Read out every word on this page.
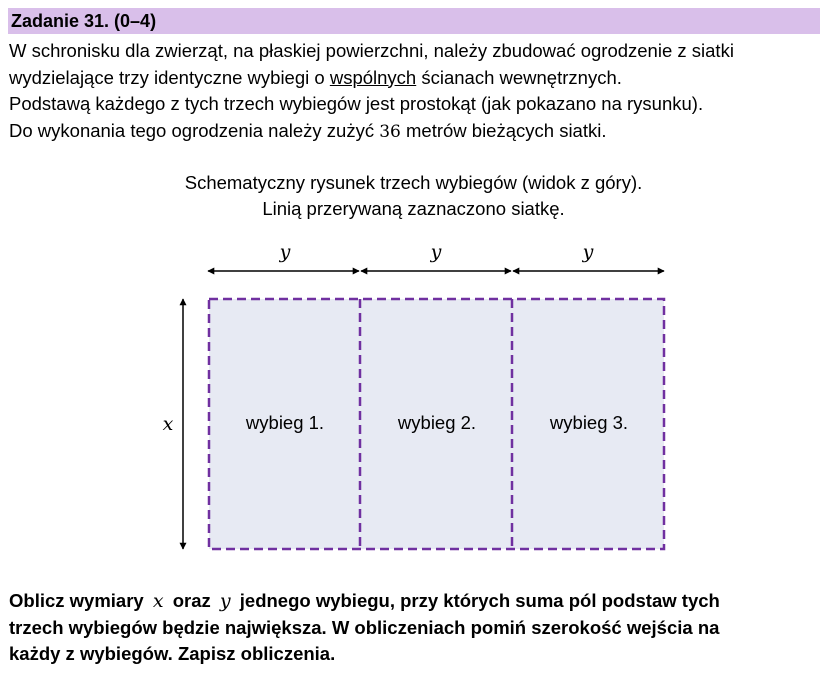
Zadanie 31. (0–4)

W schronisku dla zwierząt, na płaskiej powierzchni, należy zbudować ogrodzenie z siatki

wydzielające trzy identyczne wybiegi o wspólnych ścianach wewnętrznych.

Podstawą każdego z tych trzech wybiegów jest prostokąt (jak pokazano na rysunku).

Do wykonania tego ogrodzenia należy zużyć 36 metrów bieżących siatki.

Schematyczny rysunek trzech wybiegów (widok z góry).
Linią przerywaną zaznaczono siatkę.
y	y	y
x	wybieg 1.	wybieg 2.	wybieg 3.

Oblicz wymiary x oraz y jednego wybiegu, przy których suma pól podstaw tych

trzech wybiegów będzie największa. W obliczeniach pomiń szerokość wejścia na

każdy z wybiegów. Zapisz obliczenia.
